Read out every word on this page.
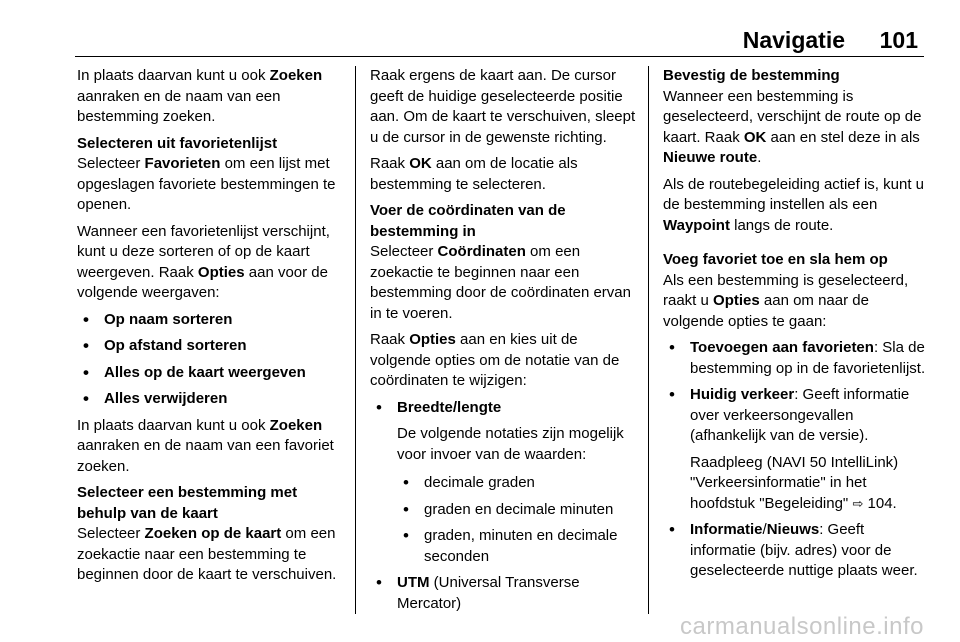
Navigatie 101

In plaats daarvan kunt u ook Zoeken aanraken en de naam van een bestemming zoeken.

Selecteren uit favorietenlijst

Selecteer Favorieten om een lijst met opgeslagen favoriete bestemmingen te openen.

Wanneer een favorietenlijst verschijnt, kunt u deze sorteren of op de kaart weergeven. Raak Opties aan voor de volgende weergaven:

• Op naam sorteren
• Op afstand sorteren
• Alles op de kaart weergeven
• Alles verwijderen

In plaats daarvan kunt u ook Zoeken aanraken en de naam van een favoriet zoeken.

Selecteer een bestemming met behulp van de kaart

Selecteer Zoeken op de kaart om een zoekactie naar een bestemming te beginnen door de kaart te verschuiven.

Raak ergens de kaart aan. De cursor geeft de huidige geselecteerde positie aan. Om de kaart te verschuiven, sleept u de cursor in de gewenste richting.

Raak OK aan om de locatie als bestemming te selecteren.

Voer de coördinaten van de bestemming in

Selecteer Coördinaten om een zoekactie te beginnen naar een bestemming door de coördinaten ervan in te voeren.

Raak Opties aan en kies uit de volgende opties om de notatie van de coördinaten te wijzigen:

• Breedte/lengte
De volgende notaties zijn mogelijk voor invoer van de waarden:
• decimale graden
• graden en decimale minuten
• graden, minuten en decimale seconden
• UTM (Universal Transverse Mercator)

Bevestig de bestemming

Wanneer een bestemming is geselecteerd, verschijnt de route op de kaart. Raak OK aan en stel deze in als Nieuwe route.

Als de routebegeleiding actief is, kunt u de bestemming instellen als een Waypoint langs de route.

Voeg favoriet toe en sla hem op

Als een bestemming is geselecteerd, raakt u Opties aan om naar de volgende opties te gaan:

• Toevoegen aan favorieten: Sla de bestemming op in de favorietenlijst.
• Huidig verkeer: Geeft informatie over verkeersongevallen (afhankelijk van de versie).
Raadpleeg (NAVI 50 IntelliLink) "Verkeersinformatie" in het hoofdstuk "Begeleiding" ⇨ 104.
• Informatie/Nieuws: Geeft informatie (bijv. adres) voor de geselecteerde nuttige plaats weer.
carmanualsonline.info
